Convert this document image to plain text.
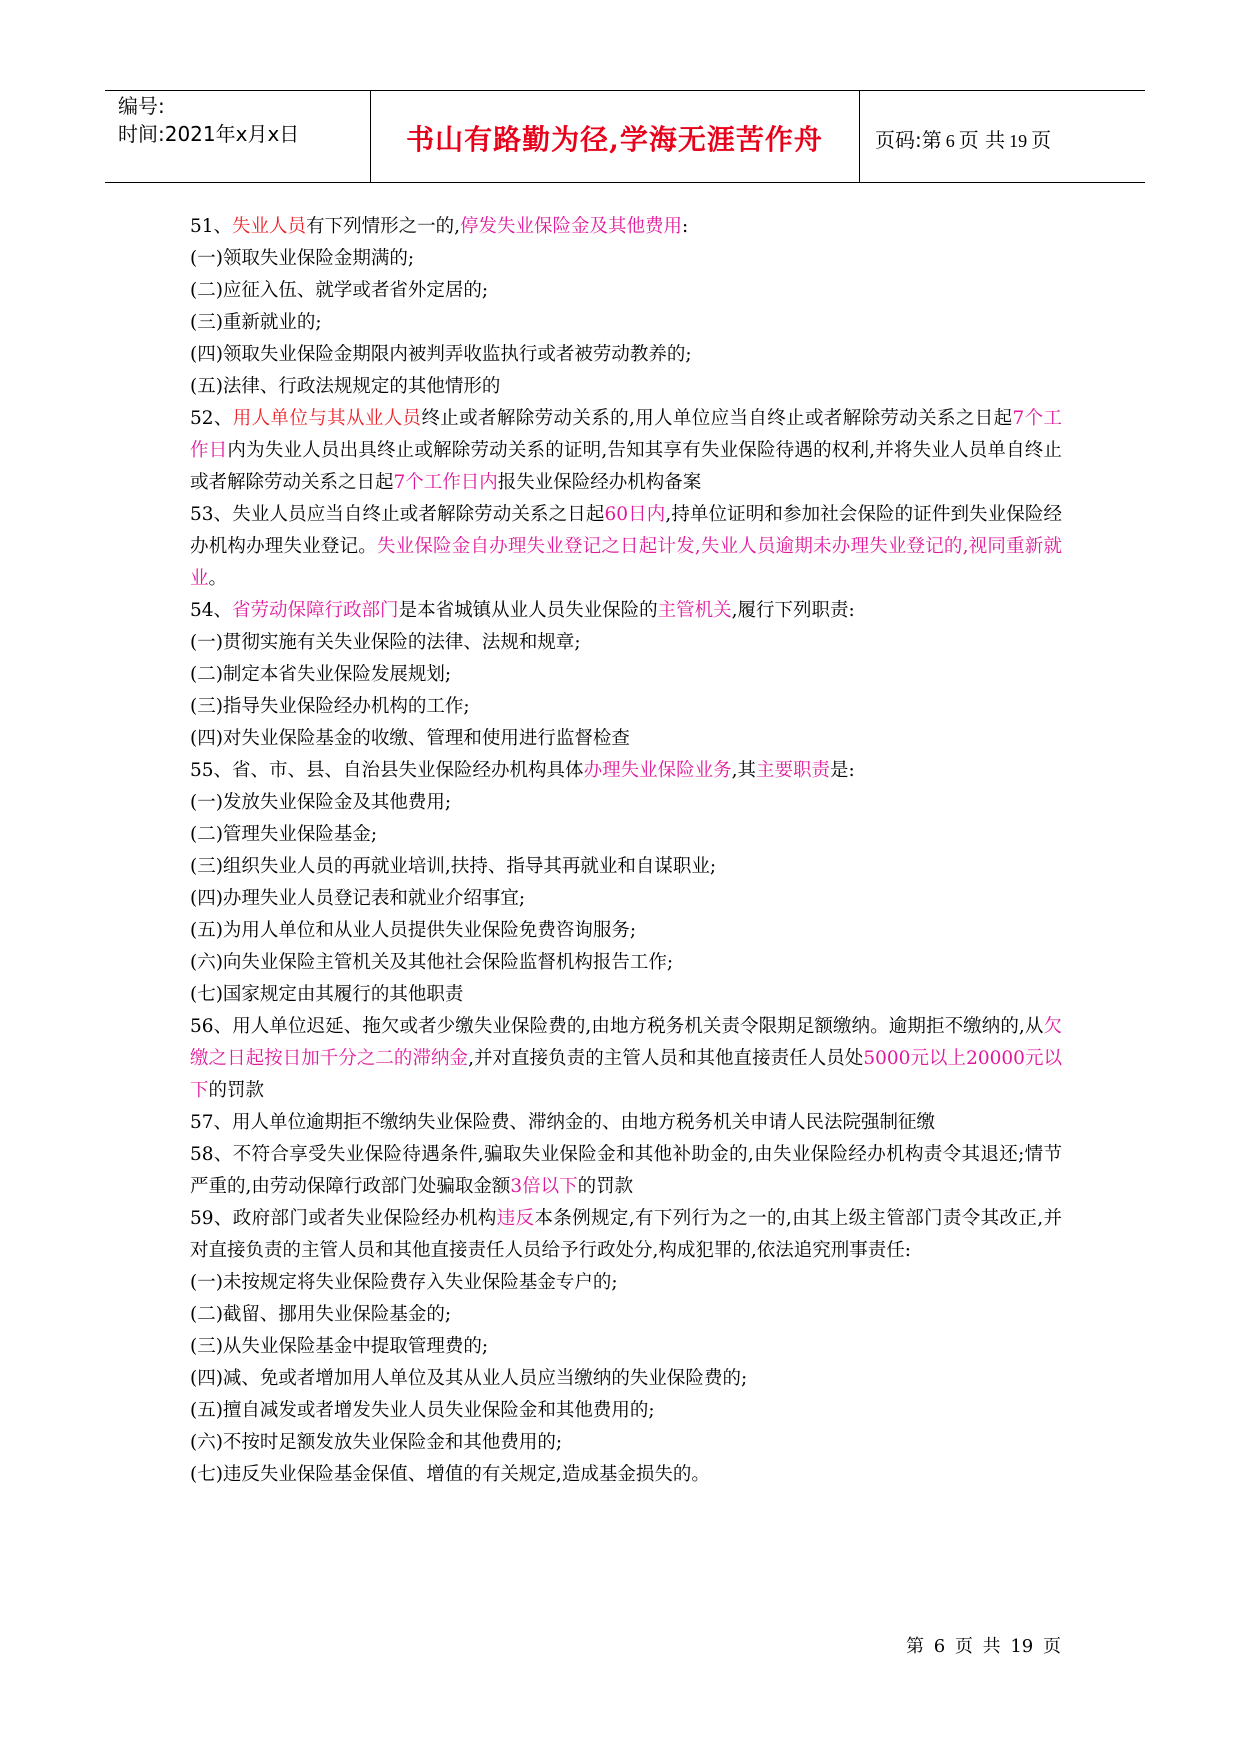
编号:
时间:2021年x月x日	书山有路勤为径,学海无涯苦作舟	页码:第 6 页 共 19 页

51、失业人员有下列情形之一的,停发失业保险金及其他费用:

(一)领取失业保险金期满的;

(二)应征入伍、就学或者省外定居的;

(三)重新就业的;

(四)领取失业保险金期限内被判弄收监执行或者被劳动教养的;

(五)法律、行政法规规定的其他情形的

52、用人单位与其从业人员终止或者解除劳动关系的,用人单位应当自终止或者解除劳动关系之日起7个工作日内为失业人员出具终止或解除劳动关系的证明,告知其享有失业保险待遇的权利,并将失业人员单自终止或者解除劳动关系之日起7个工作日内报失业保险经办机构备案

53、失业人员应当自终止或者解除劳动关系之日起60日内,持单位证明和参加社会保险的证件到失业保险经办机构办理失业登记。失业保险金自办理失业登记之日起计发,失业人员逾期未办理失业登记的,视同重新就业。

54、省劳动保障行政部门是本省城镇从业人员失业保险的主管机关,履行下列职责:

(一)贯彻实施有关失业保险的法律、法规和规章;

(二)制定本省失业保险发展规划;

(三)指导失业保险经办机构的工作;

(四)对失业保险基金的收缴、管理和使用进行监督检查

55、省、市、县、自治县失业保险经办机构具体办理失业保险业务,其主要职责是:

(一)发放失业保险金及其他费用;

(二)管理失业保险基金;

(三)组织失业人员的再就业培训,扶持、指导其再就业和自谋职业;

(四)办理失业人员登记表和就业介绍事宜;

(五)为用人单位和从业人员提供失业保险免费咨询服务;

(六)向失业保险主管机关及其他社会保险监督机构报告工作;

(七)国家规定由其履行的其他职责

56、用人单位迟延、拖欠或者少缴失业保险费的,由地方税务机关责令限期足额缴纳。逾期拒不缴纳的,从欠缴之日起按日加千分之二的滞纳金,并对直接负责的主管人员和其他直接责任人员处5000元以上20000元以下的罚款

57、用人单位逾期拒不缴纳失业保险费、滞纳金的、由地方税务机关申请人民法院强制征缴

58、不符合享受失业保险待遇条件,骗取失业保险金和其他补助金的,由失业保险经办机构责令其退还;情节严重的,由劳动保障行政部门处骗取金额3倍以下的罚款

59、政府部门或者失业保险经办机构违反本条例规定,有下列行为之一的,由其上级主管部门责令其改正,并对直接负责的主管人员和其他直接责任人员给予行政处分,构成犯罪的,依法追究刑事责任:

(一)未按规定将失业保险费存入失业保险基金专户的;

(二)截留、挪用失业保险基金的;

(三)从失业保险基金中提取管理费的;

(四)减、免或者增加用人单位及其从业人员应当缴纳的失业保险费的;

(五)擅自减发或者增发失业人员失业保险金和其他费用的;

(六)不按时足额发放失业保险金和其他费用的;

(七)违反失业保险基金保值、增值的有关规定,造成基金损失的。

第 6 页 共 19 页
